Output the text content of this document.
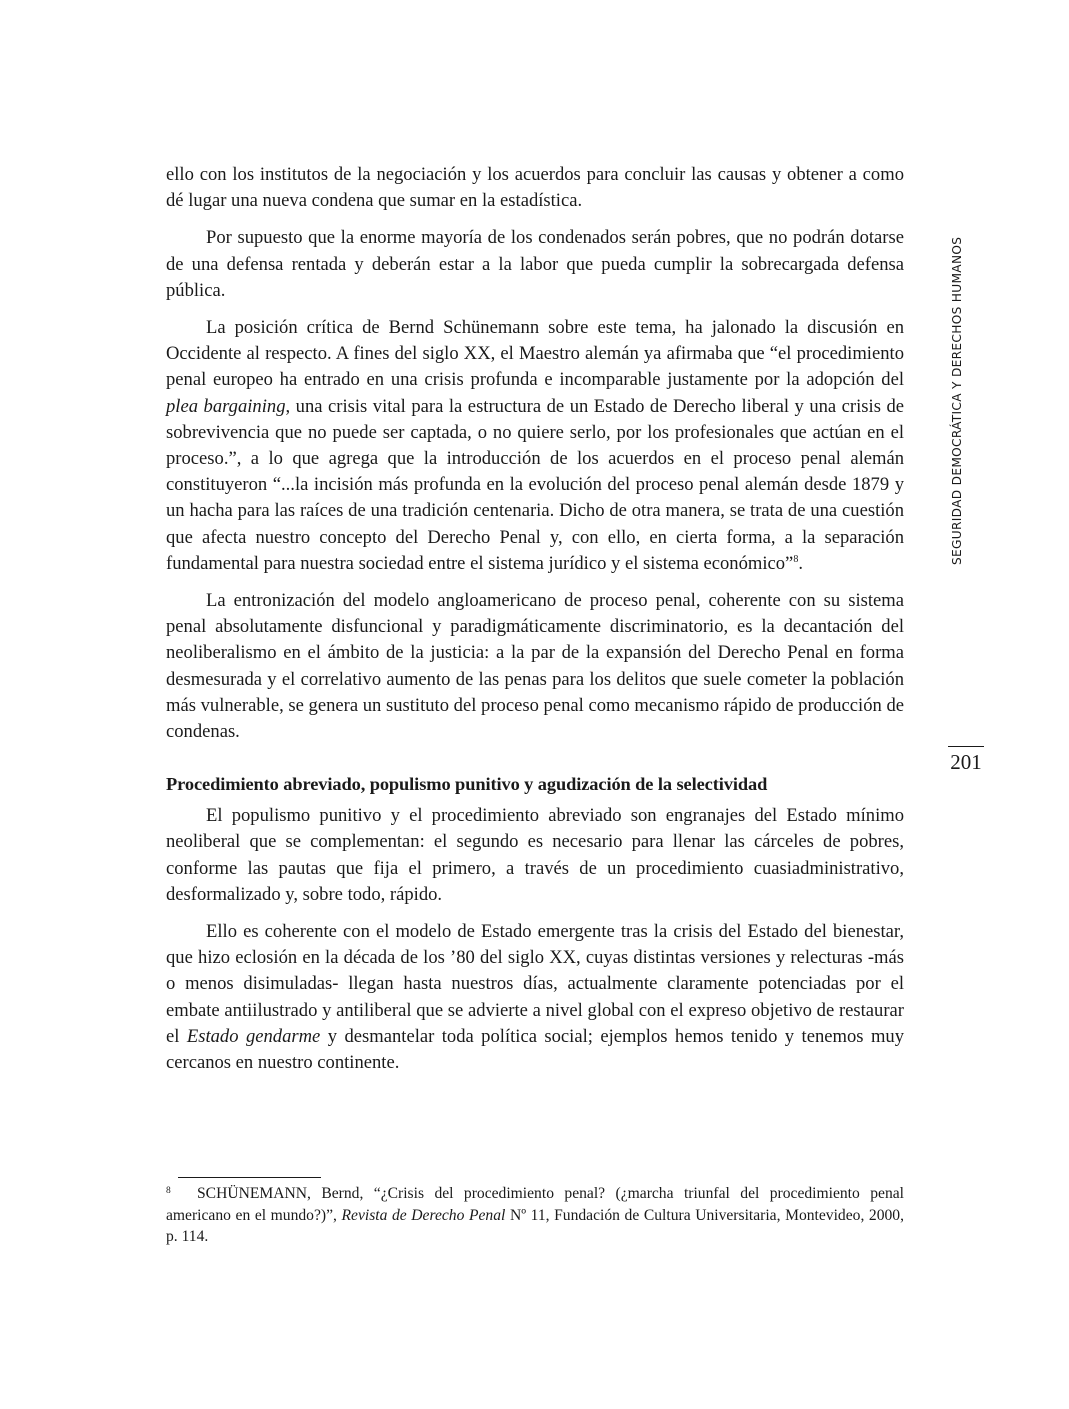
ello con los institutos de la negociación y los acuerdos para concluir las causas y obtener a como dé lugar una nueva condena que sumar en la estadística.

Por supuesto que la enorme mayoría de los condenados serán pobres, que no podrán dotarse de una defensa rentada y deberán estar a la labor que pueda cumplir la sobrecargada defensa pública.

La posición crítica de Bernd Schünemann sobre este tema, ha jalonado la discusión en Occidente al respecto. A fines del siglo XX, el Maestro alemán ya afirmaba que “el procedimiento penal europeo ha entrado en una crisis profunda e incomparable justamente por la adopción del plea bargaining, una crisis vital para la estructura de un Estado de Derecho liberal y una crisis de sobrevivencia que no puede ser captada, o no quiere serlo, por los profesionales que actúan en el proceso.”, a lo que agrega que la introducción de los acuerdos en el proceso penal alemán constituyeron “...la incisión más profunda en la evolución del proceso penal alemán desde 1879 y un hacha para las raíces de una tradición centenaria. Dicho de otra manera, se trata de una cuestión que afecta nuestro concepto del Derecho Penal y, con ello, en cierta forma, a la separación fundamental para nuestra sociedad entre el sistema jurídico y el sistema económico”$^8$.

La entronización del modelo angloamericano de proceso penal, coherente con su sistema penal absolutamente disfuncional y paradigmáticamente discriminatorio, es la decantación del neoliberalismo en el ámbito de la justicia: a la par de la expansión del Derecho Penal en forma desmesurada y el correlativo aumento de las penas para los delitos que suele cometer la población más vulnerable, se genera un sustituto del proceso penal como mecanismo rápido de producción de condenas.

Procedimiento abreviado, populismo punitivo y agudización de la selectividad

El populismo punitivo y el procedimiento abreviado son engranajes del Estado mínimo neoliberal que se complementan: el segundo es necesario para llenar las cárceles de pobres, conforme las pautas que fija el primero, a través de un procedimiento cuasiadministrativo, desformalizado y, sobre todo, rápido.

Ello es coherente con el modelo de Estado emergente tras la crisis del Estado del bienestar, que hizo eclosión en la década de los ’80 del siglo XX, cuyas distintas versiones y relecturas -más o menos disimuladas- llegan hasta nuestros días, actualmente claramente potenciadas por el embate antiilustrado y antiliberal que se advierte a nivel global con el expreso objetivo de restaurar el Estado gendarme y desmantelar toda política social; ejemplos hemos tenido y tenemos muy cercanos en nuestro continente.

SEGURIDAD DEMOCRÁTICA Y DERECHOS HUMANOS
201

8 SCHÜNEMANN, Bernd, “¿Crisis del procedimiento penal? (¿marcha triunfal del procedimiento penal americano en el mundo?)”, Revista de Derecho Penal Nº 11, Fundación de Cultura Universitaria, Montevideo, 2000, p. 114.
